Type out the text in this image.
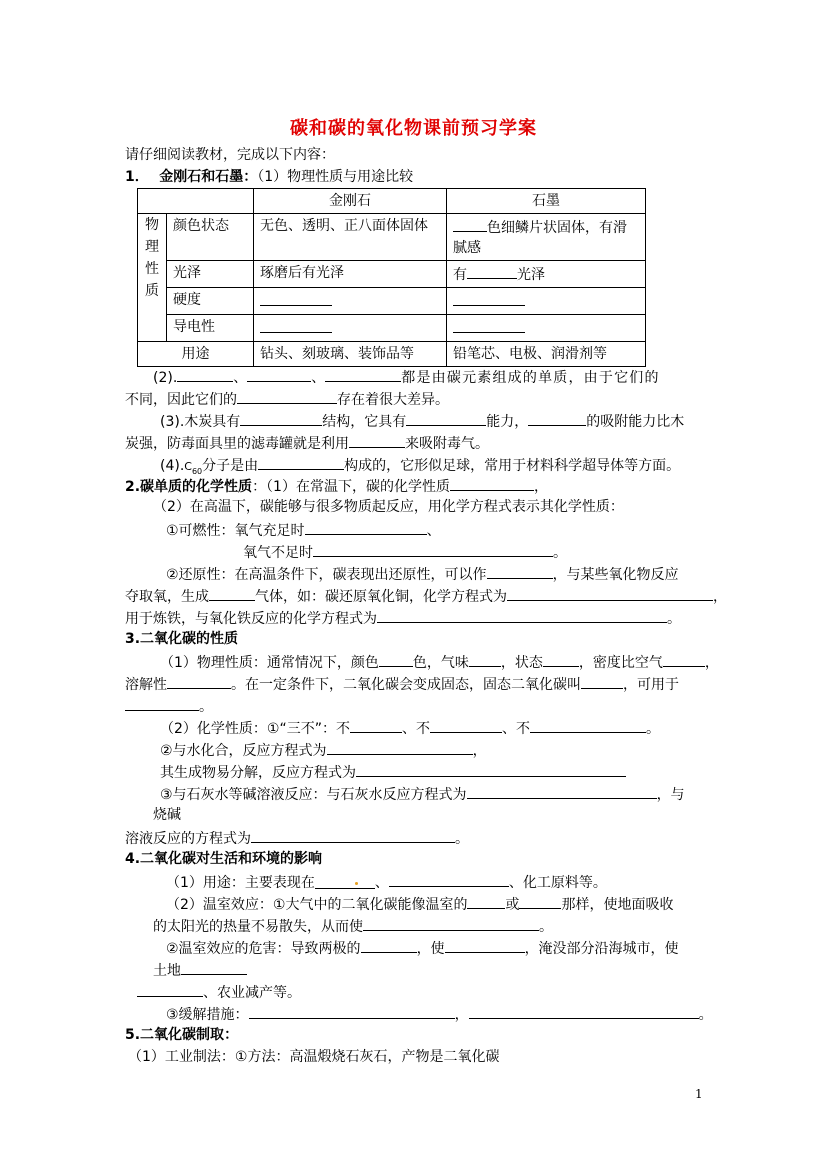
碳和碳的氧化物课前预习学案
请仔细阅读教材，完成以下内容：
1． 金刚石和石墨：（1）物理性质与用途比较
		金刚石	石墨
物
理
性
质	颜色状态	无色、透明、正八面体固体	色细鳞片状固体，有滑
腻感
	光泽	琢磨后有光泽	有 光泽
	硬度		
	导电性		
用途		钻头、刻玻璃、装饰品等	铅笔芯、电极、润滑剂等
(2).	、	、	都是由碳元素组成的单质，由于它们的
不同，因此它们的	存在着很大差异。
(3).木炭具有	结构，它具有	能力，	的吸附能力比木
炭强，防毒面具里的滤毒罐就是利用	来吸附毒气。
$(4).C_{60}$分子是由	构成的，它形似足球，常用于材料科学超导体等方面。
2.碳单质的化学性质：（1）在常温下，碳的化学性质	，
（2）在高温下，碳能够与很多物质起反应，用化学方程式表示其化学性质：
①可燃性：氧气充足时	、
氧气不足时	。
②还原性：在高温条件下，碳表现出还原性，可以作	，与某些氧化物反应
夺取氧，生成	气体，如：碳还原氧化铜，化学方程式为	，
用于炼铁，与氧化铁反应的化学方程式为	。
3.二氧化碳的性质
（1）物理性质：通常情况下，颜色 色，气味 ，状态	，密度比空气	，
溶解性	。在一定条件下，二氧化碳会变成固态，固态二氧化碳叫	，可用于
。
（2）化学性质：①“三不”：不	、不	、不	。
②与水化合，反应方程式为	，
其生成物易分解，反应方程式为
③与石灰水等碱溶液反应：与石灰水反应方程式为	，与
烧碱
溶液反应的方程式为	。
4.二氧化碳对生活和环境的影响
（1）用途：主要表现在	、	、化工原料等。
（2）温室效应：①大气中的二氧化碳能像温室的	或	那样，使地面吸收
的太阳光的热量不易散失，从而使	。
②温室效应的危害：导致两极的	，使	，淹没部分沿海城市，使
土地
、农业减产等。
③缓解措施：	，	。
5.二氧化碳制取：
（1）工业制法：①方法：高温煅烧石灰石，产物是二氧化碳
1
